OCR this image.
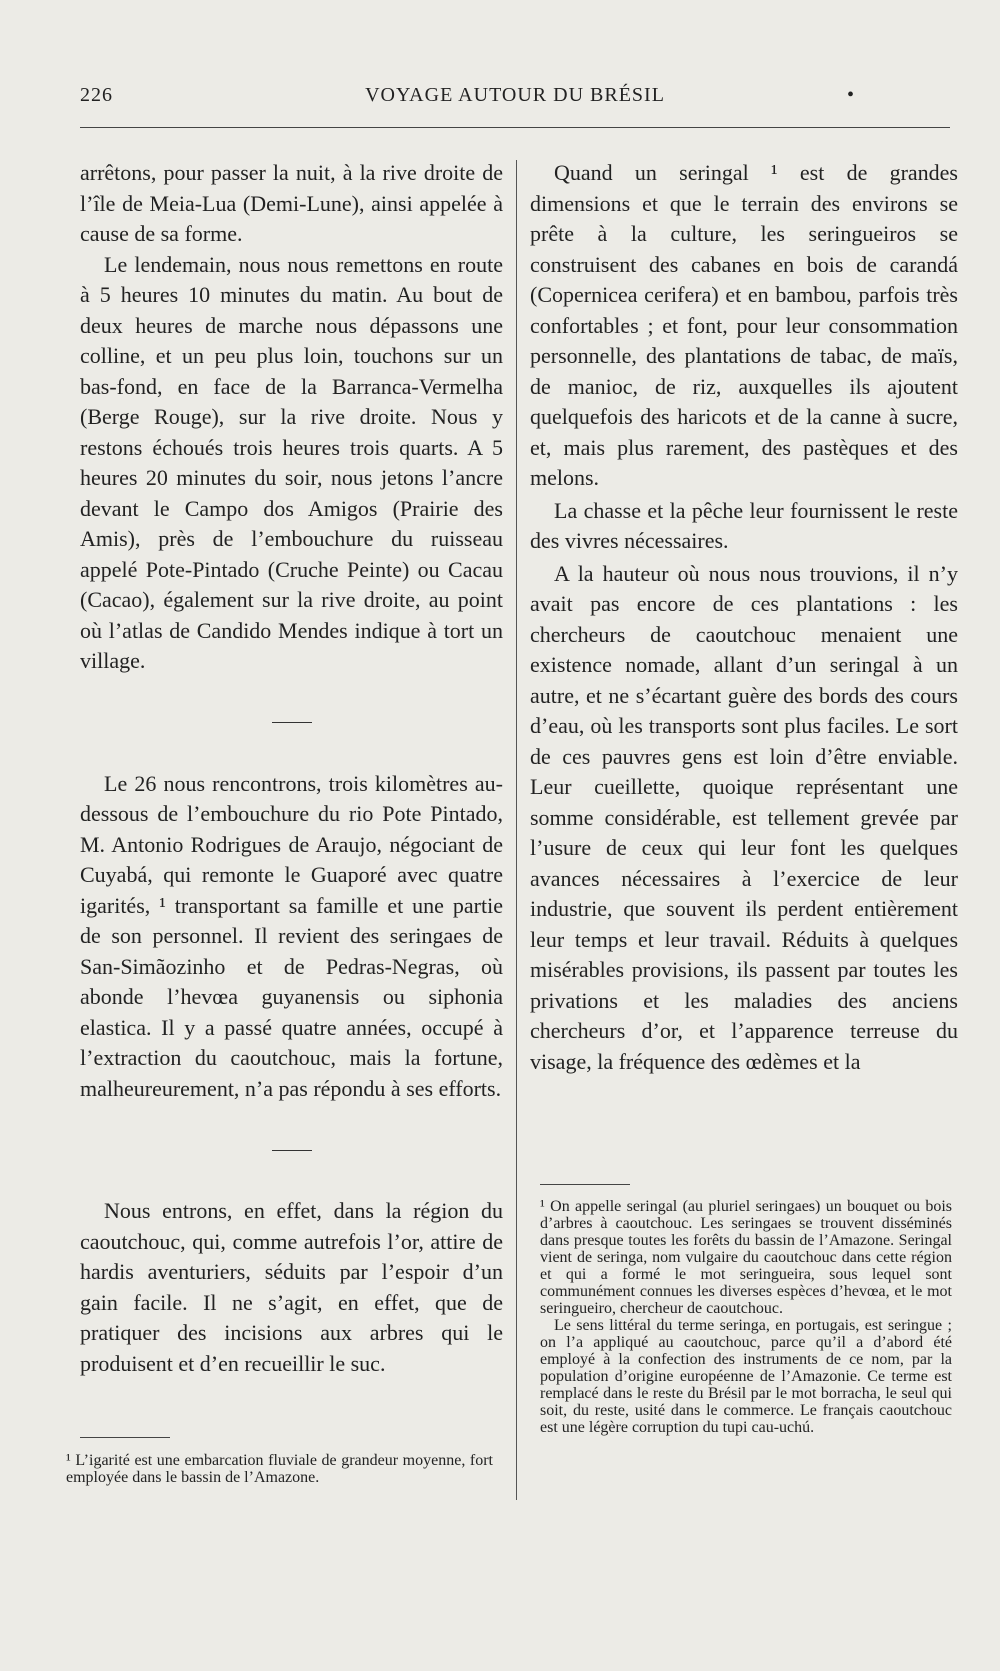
226	VOYAGE AUTOUR DU BRÉSIL	•

arrêtons, pour passer la nuit, à la rive droite de l’île de Meia-Lua (Demi-Lune), ainsi appelée à cause de sa forme.

Le lendemain, nous nous remettons en route à 5 heures 10 minutes du matin. Au bout de deux heures de marche nous dépassons une colline, et un peu plus loin, touchons sur un bas-fond, en face de la Barranca-Vermelha (Berge Rouge), sur la rive droite. Nous y restons échoués trois heures trois quarts. A 5 heures 20 minutes du soir, nous jetons l’ancre devant le Campo dos Amigos (Prairie des Amis), près de l’embouchure du ruisseau appelé Pote-Pintado (Cruche Peinte) ou Cacau (Cacao), également sur la rive droite, au point où l’atlas de Candido Mendes indique à tort un village.

Le 26 nous rencontrons, trois kilomètres au-dessous de l’embouchure du rio Pote Pintado, M. Antonio Rodrigues de Araujo, négociant de Cuyabá, qui remonte le Guaporé avec quatre igarités, ¹ transportant sa famille et une partie de son personnel. Il revient des seringaes de San-Simãozinho et de Pedras-Negras, où abonde l’hevœa guyanensis ou siphonia elastica. Il y a passé quatre années, occupé à l’extraction du caoutchouc, mais la fortune, malheureurement, n’a pas répondu à ses efforts.

Nous entrons, en effet, dans la région du caoutchouc, qui, comme autrefois l’or, attire de hardis aventuriers, séduits par l’espoir d’un gain facile. Il ne s’agit, en effet, que de pratiquer des incisions aux arbres qui le produisent et d’en recueillir le suc.

Quand un seringal ¹ est de grandes dimensions et que le terrain des environs se prête à la culture, les seringueiros se construisent des cabanes en bois de carandá (Copernicea cerifera) et en bambou, parfois très confortables ; et font, pour leur consommation personnelle, des plantations de tabac, de maïs, de manioc, de riz, auxquelles ils ajoutent quelquefois des haricots et de la canne à sucre, et, mais plus rarement, des pastèques et des melons.

La chasse et la pêche leur fournissent le reste des vivres nécessaires.

A la hauteur où nous nous trouvions, il n’y avait pas encore de ces plantations : les chercheurs de caoutchouc menaient une existence nomade, allant d’un seringal à un autre, et ne s’écartant guère des bords des cours d’eau, où les transports sont plus faciles. Le sort de ces pauvres gens est loin d’être enviable. Leur cueillette, quoique représentant une somme considérable, est tellement grevée par l’usure de ceux qui leur font les quelques avances nécessaires à l’exercice de leur industrie, que souvent ils perdent entièrement leur temps et leur travail. Réduits à quelques misérables provisions, ils passent par toutes les privations et les maladies des anciens chercheurs d’or, et l’apparence terreuse du visage, la fréquence des œdèmes et la

¹ On appelle seringal (au pluriel seringaes) un bouquet ou bois d’arbres à caoutchouc. Les seringaes se trouvent disséminés dans presque toutes les forêts du bassin de l’Amazone. Seringal vient de seringa, nom vulgaire du caoutchouc dans cette région et qui a formé le mot seringueira, sous lequel sont communément connues les diverses espèces d’hevœa, et le mot seringueiro, chercheur de caoutchouc.

Le sens littéral du terme seringa, en portugais, est seringue ; on l’a appliqué au caoutchouc, parce qu’il a d’abord été employé à la confection des instruments de ce nom, par la population d’origine européenne de l’Amazonie. Ce terme est remplacé dans le reste du Brésil par le mot borracha, le seul qui soit, du reste, usité dans le commerce. Le français caoutchouc est une légère corruption du tupi cau-uchú.

¹ L’igarité est une embarcation fluviale de grandeur moyenne, fort employée dans le bassin de l’Amazone.
